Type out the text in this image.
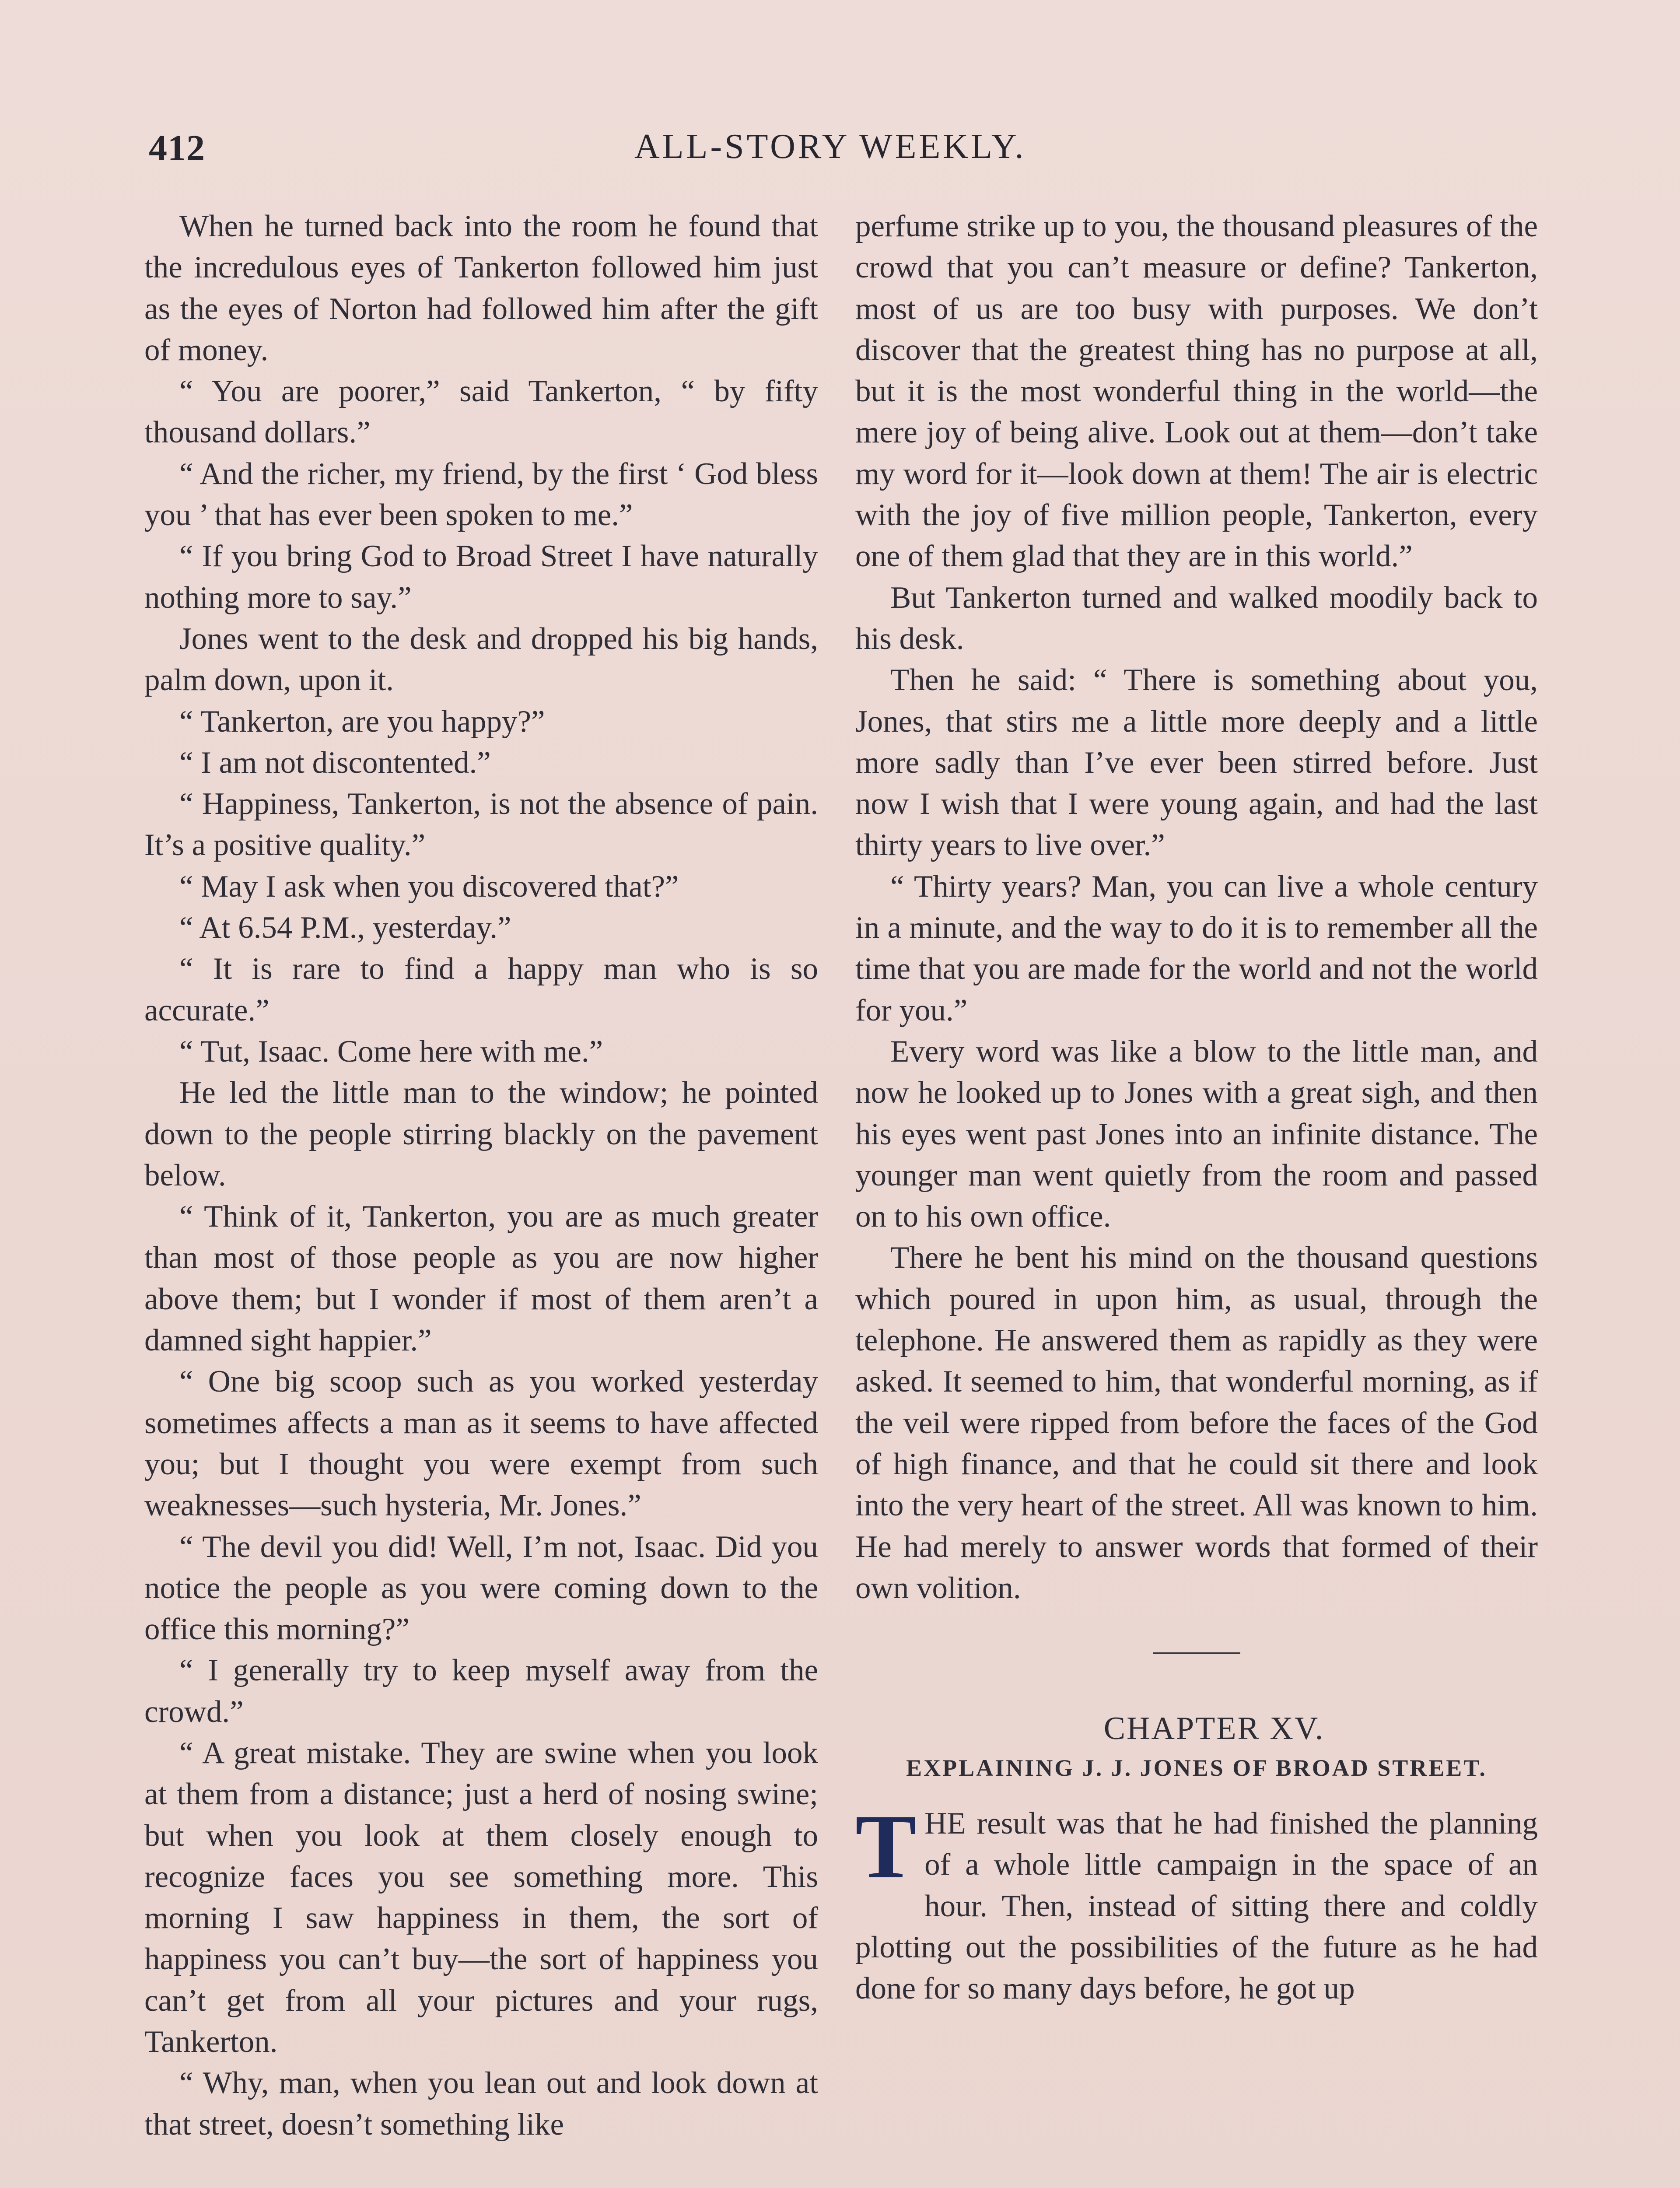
412	ALL-STORY WEEKLY.

When he turned back into the room he found that the incredulous eyes of Tankerton followed him just as the eyes of Norton had followed him after the gift of money.

“ You are poorer,” said Tankerton, “ by fifty thousand dollars.”

“ And the richer, my friend, by the first ‘ God bless you ’ that has ever been spoken to me.”

“ If you bring God to Broad Street I have naturally nothing more to say.”

Jones went to the desk and dropped his big hands, palm down, upon it.

“ Tankerton, are you happy?”

“ I am not discontented.”

“ Happiness, Tankerton, is not the absence of pain. It’s a positive quality.”

“ May I ask when you discovered that?”

“ At 6.54 P.M., yesterday.”

“ It is rare to find a happy man who is so accurate.”

“ Tut, Isaac. Come here with me.”

He led the little man to the window; he pointed down to the people stirring blackly on the pavement below.

“ Think of it, Tankerton, you are as much greater than most of those people as you are now higher above them; but I wonder if most of them aren’t a damned sight happier.”

“ One big scoop such as you worked yesterday sometimes affects a man as it seems to have affected you; but I thought you were exempt from such weaknesses—such hysteria, Mr. Jones.”

“ The devil you did! Well, I’m not, Isaac. Did you notice the people as you were coming down to the office this morning?”

“ I generally try to keep myself away from the crowd.”

“ A great mistake. They are swine when you look at them from a distance; just a herd of nosing swine; but when you look at them closely enough to recognize faces you see something more. This morning I saw happiness in them, the sort of happiness you can’t buy—the sort of happiness you can’t get from all your pictures and your rugs, Tankerton.

“ Why, man, when you lean out and look down at that street, doesn’t something like

perfume strike up to you, the thousand pleasures of the crowd that you can’t measure or define? Tankerton, most of us are too busy with purposes. We don’t discover that the greatest thing has no purpose at all, but it is the most wonderful thing in the world—the mere joy of being alive. Look out at them—don’t take my word for it—look down at them! The air is electric with the joy of five million people, Tankerton, every one of them glad that they are in this world.”

But Tankerton turned and walked moodily back to his desk.

Then he said: “ There is something about you, Jones, that stirs me a little more deeply and a little more sadly than I’ve ever been stirred before. Just now I wish that I were young again, and had the last thirty years to live over.”

“ Thirty years? Man, you can live a whole century in a minute, and the way to do it is to remember all the time that you are made for the world and not the world for you.”

Every word was like a blow to the little man, and now he looked up to Jones with a great sigh, and then his eyes went past Jones into an infinite distance. The younger man went quietly from the room and passed on to his own office.

There he bent his mind on the thousand questions which poured in upon him, as usual, through the telephone. He answered them as rapidly as they were asked. It seemed to him, that wonderful morning, as if the veil were ripped from before the faces of the God of high finance, and that he could sit there and look into the very heart of the street. All was known to him. He had merely to answer words that formed of their own volition.

CHAPTER XV.

EXPLAINING J. J. JONES OF BROAD STREET.

T HE result was that he had finished the planning of a whole little campaign in the space of an hour. Then, instead of sitting there and coldly plotting out the possibilities of the future as he had done for so many days before, he got up
